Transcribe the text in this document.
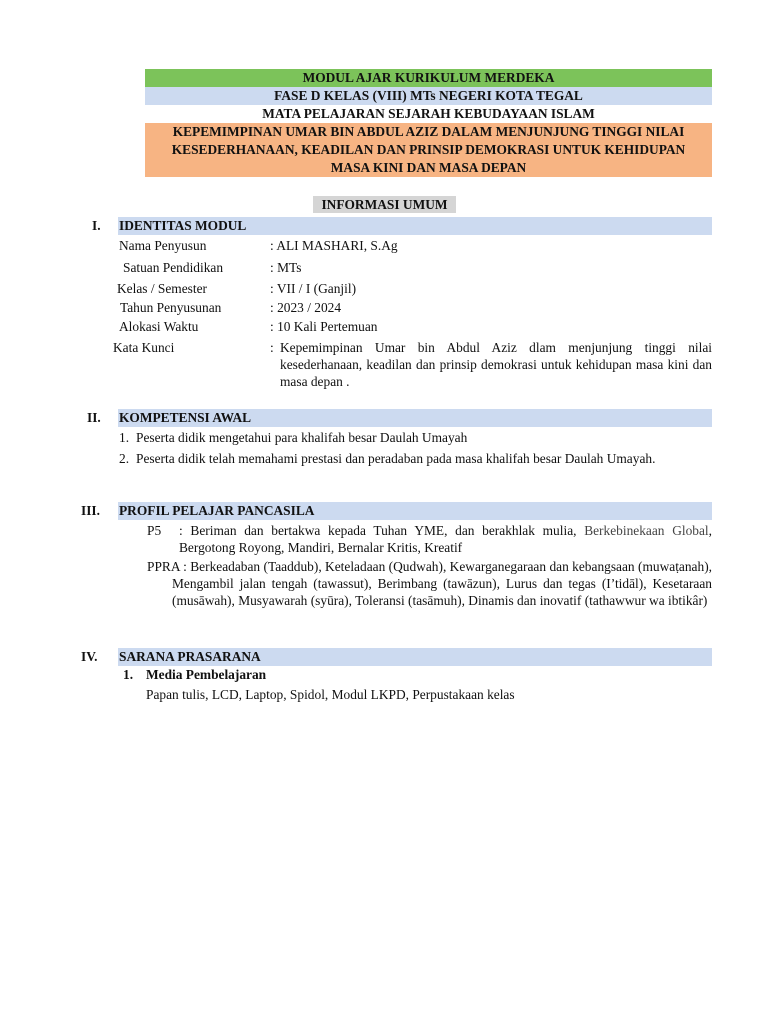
MODUL AJAR KURIKULUM MERDEKA
FASE D KELAS (VIII) MTs NEGERI KOTA TEGAL
MATA PELAJARAN SEJARAH KEBUDAYAAN ISLAM
KEPEMIMPINAN UMAR BIN ABDUL AZIZ DALAM MENJUNJUNG TINGGI NILAI KESEDERHANAAN, KEADILAN DAN PRINSIP DEMOKRASI UNTUK KEHIDUPAN MASA KINI DAN MASA DEPAN
INFORMASI UMUM
I.	IDENTITAS MODUL
Nama Penyusun	: ALI MASHARI, S.Ag
Satuan Pendidikan	: MTs
Kelas / Semester	: VII / I (Ganjil)
Tahun Penyusunan	: 2023 / 2024
Alokasi Waktu	: 10 Kali Pertemuan
Kata Kunci	: Kepemimpinan Umar bin Abdul Aziz dlam menjunjung tinggi nilai kesederhanaan, keadilan dan prinsip demokrasi untuk kehidupan masa kini dan masa depan .
II.	KOMPETENSI AWAL
1. Peserta didik mengetahui para khalifah besar Daulah Umayah
2. Peserta didik telah memahami prestasi dan peradaban pada masa khalifah besar Daulah Umayah.
III.	PROFIL PELAJAR PANCASILA
P5 : Beriman dan bertakwa kepada Tuhan YME, dan berakhlak mulia, Berkebinekaan Global, Bergotong Royong, Mandiri, Bernalar Kritis, Kreatif
PPRA : Berkeadaban (Taaddub), Keteladaan (Qudwah), Kewarganegaraan dan kebangsaan (muwaṭanah), Mengambil jalan tengah (tawassut), Berimbang (tawāzun), Lurus dan tegas (I’tidāl), Kesetaraan (musāwah), Musyawarah (syūra), Toleransi (tasāmuh), Dinamis dan inovatif (tathawwur wa ibtikâr)
IV.	SARANA PRASARANA
1. Media Pembelajaran
Papan tulis, LCD, Laptop, Spidol, Modul LKPD, Perpustakaan kelas
